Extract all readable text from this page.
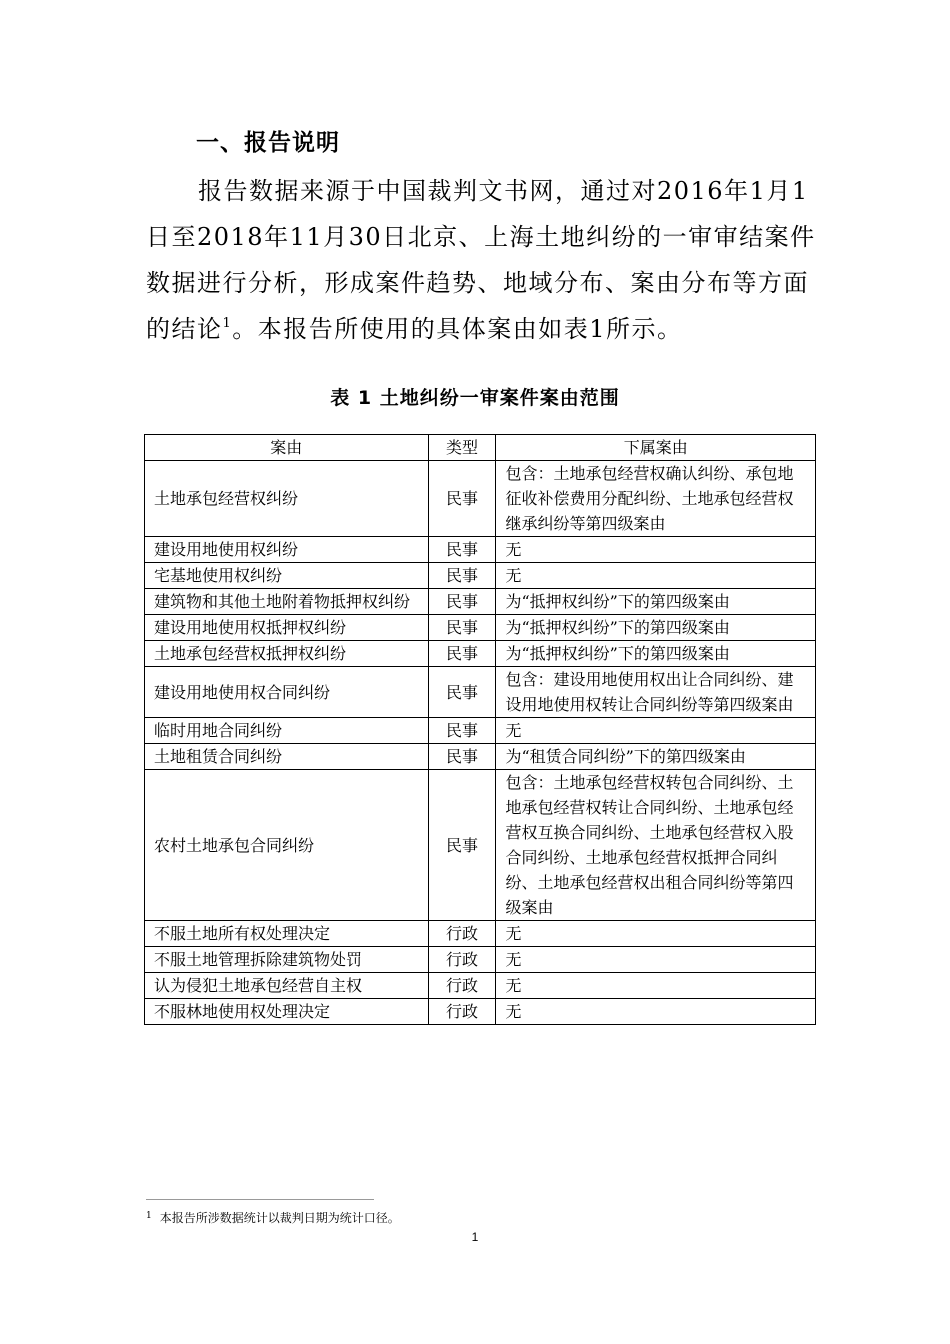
一、报告说明

报告数据来源于中国裁判文书网，通过对2016年1月1日至2018年11月30日北京、上海土地纠纷的一审审结案件数据进行分析，形成案件趋势、地域分布、案由分布等方面的结论$^1$。本报告所使用的具体案由如表1所示。

表 1 土地纠纷一审案件案由范围

案由	类型	下属案由
土地承包经营权纠纷	民事	包含：土地承包经营权确认纠纷、承包地征收补偿费用分配纠纷、土地承包经营权继承纠纷等第四级案由
建设用地使用权纠纷	民事	无
宅基地使用权纠纷	民事	无
建筑物和其他土地附着物抵押权纠纷	民事	为“抵押权纠纷”下的第四级案由
建设用地使用权抵押权纠纷	民事	为“抵押权纠纷”下的第四级案由
土地承包经营权抵押权纠纷	民事	为“抵押权纠纷”下的第四级案由
建设用地使用权合同纠纷	民事	包含：建设用地使用权出让合同纠纷、建设用地使用权转让合同纠纷等第四级案由
临时用地合同纠纷	民事	无
土地租赁合同纠纷	民事	为“租赁合同纠纷”下的第四级案由
农村土地承包合同纠纷	民事	包含：土地承包经营权转包合同纠纷、土地承包经营权转让合同纠纷、土地承包经营权互换合同纠纷、土地承包经营权入股合同纠纷、土地承包经营权抵押合同纠纷、土地承包经营权出租合同纠纷等第四级案由
不服土地所有权处理决定	行政	无
不服土地管理拆除建筑物处罚	行政	无
认为侵犯土地承包经营自主权	行政	无
不服林地使用权处理决定	行政	无

$^1$ 本报告所涉数据统计以裁判日期为统计口径。

1
